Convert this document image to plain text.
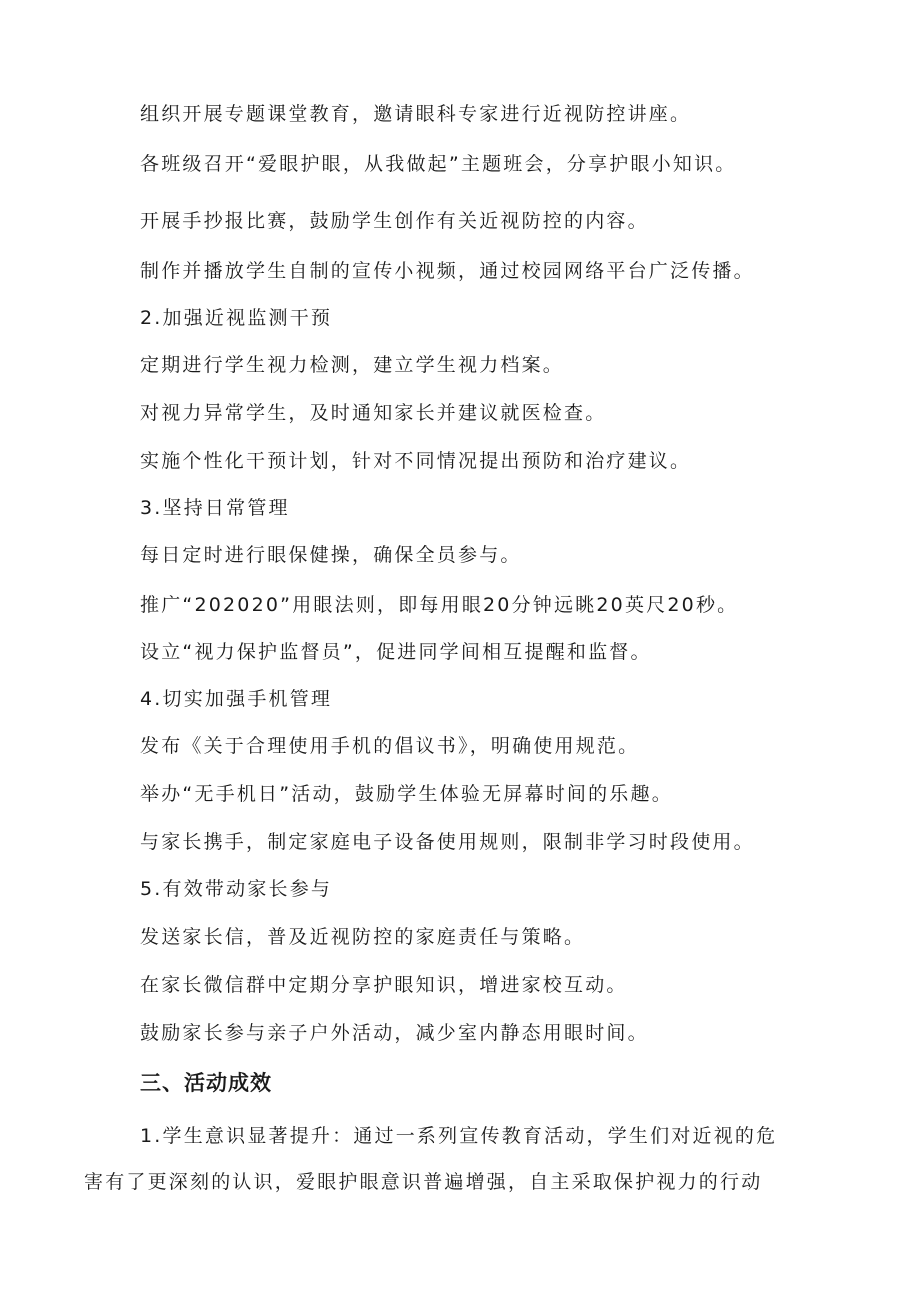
组织开展专题课堂教育，邀请眼科专家进行近视防控讲座。
各班级召开“爱眼护眼，从我做起”主题班会，分享护眼小知识。
开展手抄报比赛，鼓励学生创作有关近视防控的内容。
制作并播放学生自制的宣传小视频，通过校园网络平台广泛传播。
2.加强近视监测干预
定期进行学生视力检测，建立学生视力档案。
对视力异常学生，及时通知家长并建议就医检查。
实施个性化干预计划，针对不同情况提出预防和治疗建议。
3.坚持日常管理
每日定时进行眼保健操，确保全员参与。
推广“202020”用眼法则，即每用眼20分钟远眺20英尺20秒。
设立“视力保护监督员”，促进同学间相互提醒和监督。
4.切实加强手机管理
发布《关于合理使用手机的倡议书》，明确使用规范。
举办“无手机日”活动，鼓励学生体验无屏幕时间的乐趣。
与家长携手，制定家庭电子设备使用规则，限制非学习时段使用。
5.有效带动家长参与
发送家长信，普及近视防控的家庭责任与策略。
在家长微信群中定期分享护眼知识，增进家校互动。
鼓励家长参与亲子户外活动，减少室内静态用眼时间。
三、活动成效
1.学生意识显著提升：通过一系列宣传教育活动，学生们对近视的危
害有了更深刻的认识，爱眼护眼意识普遍增强，自主采取保护视力的行动
